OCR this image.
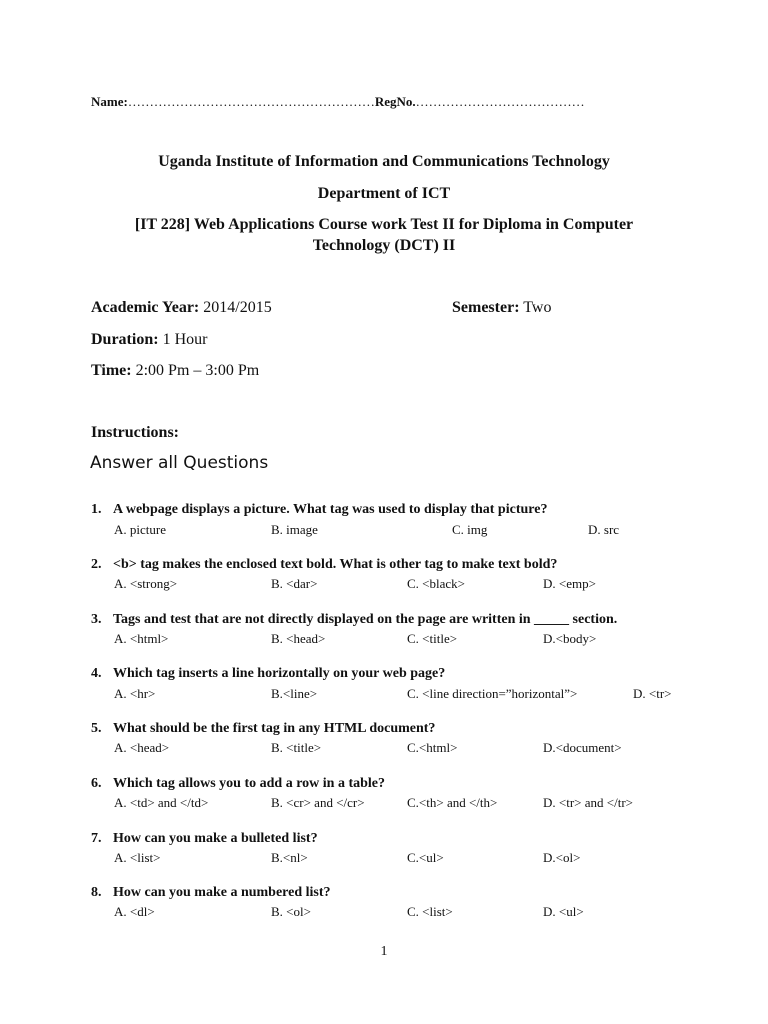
Name:…………………………………………………RegNo.…………………………………
Uganda Institute of Information and Communications Technology
Department of ICT
[IT 228] Web Applications Course work Test II for Diploma in Computer
Technology (DCT) II
Academic Year: 2014/2015	Semester: Two
Duration: 1 Hour
Time: 2:00 Pm – 3:00 Pm
Instructions:
Answer all Questions
1. A webpage displays a picture. What tag was used to display that picture?
A. picture	B. image	C. img	D. src
2. <b> tag makes the enclosed text bold. What is other tag to make text bold?
A. <strong>	B. <dar>	C. <black>	D. <emp>
3. Tags and test that are not directly displayed on the page are written in _____ section.
A. <html>	B. <head>	C. <title>	D.<body>
4. Which tag inserts a line horizontally on your web page?
A. <hr>	B.<line>	C. <line direction=”horizontal”>	D. <tr>
5. What should be the first tag in any HTML document?
A. <head>	B. <title>	C.<html>	D.<document>
6. Which tag allows you to add a row in a table?
A. <td> and </td>	B. <cr> and </cr>	C.<th> and </th>	D. <tr> and </tr>
7. How can you make a bulleted list?
A. <list>	B.<nl>	C.<ul>	D.<ol>
8. How can you make a numbered list?
A. <dl>	B. <ol>	C. <list>	D. <ul>
1
